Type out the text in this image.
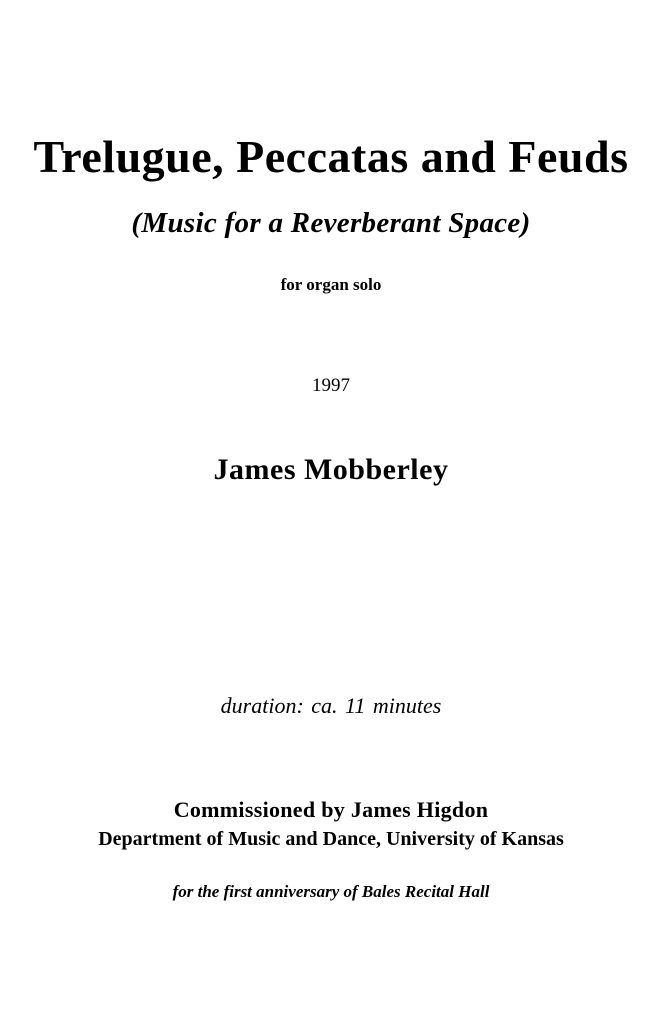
Trelugue, Peccatas and Feuds
(Music for a Reverberant Space)
for organ solo
1997
James Mobberley
duration: ca. 11 minutes
Commissioned by James Higdon
Department of Music and Dance, University of Kansas
for the first anniversary of Bales Recital Hall
